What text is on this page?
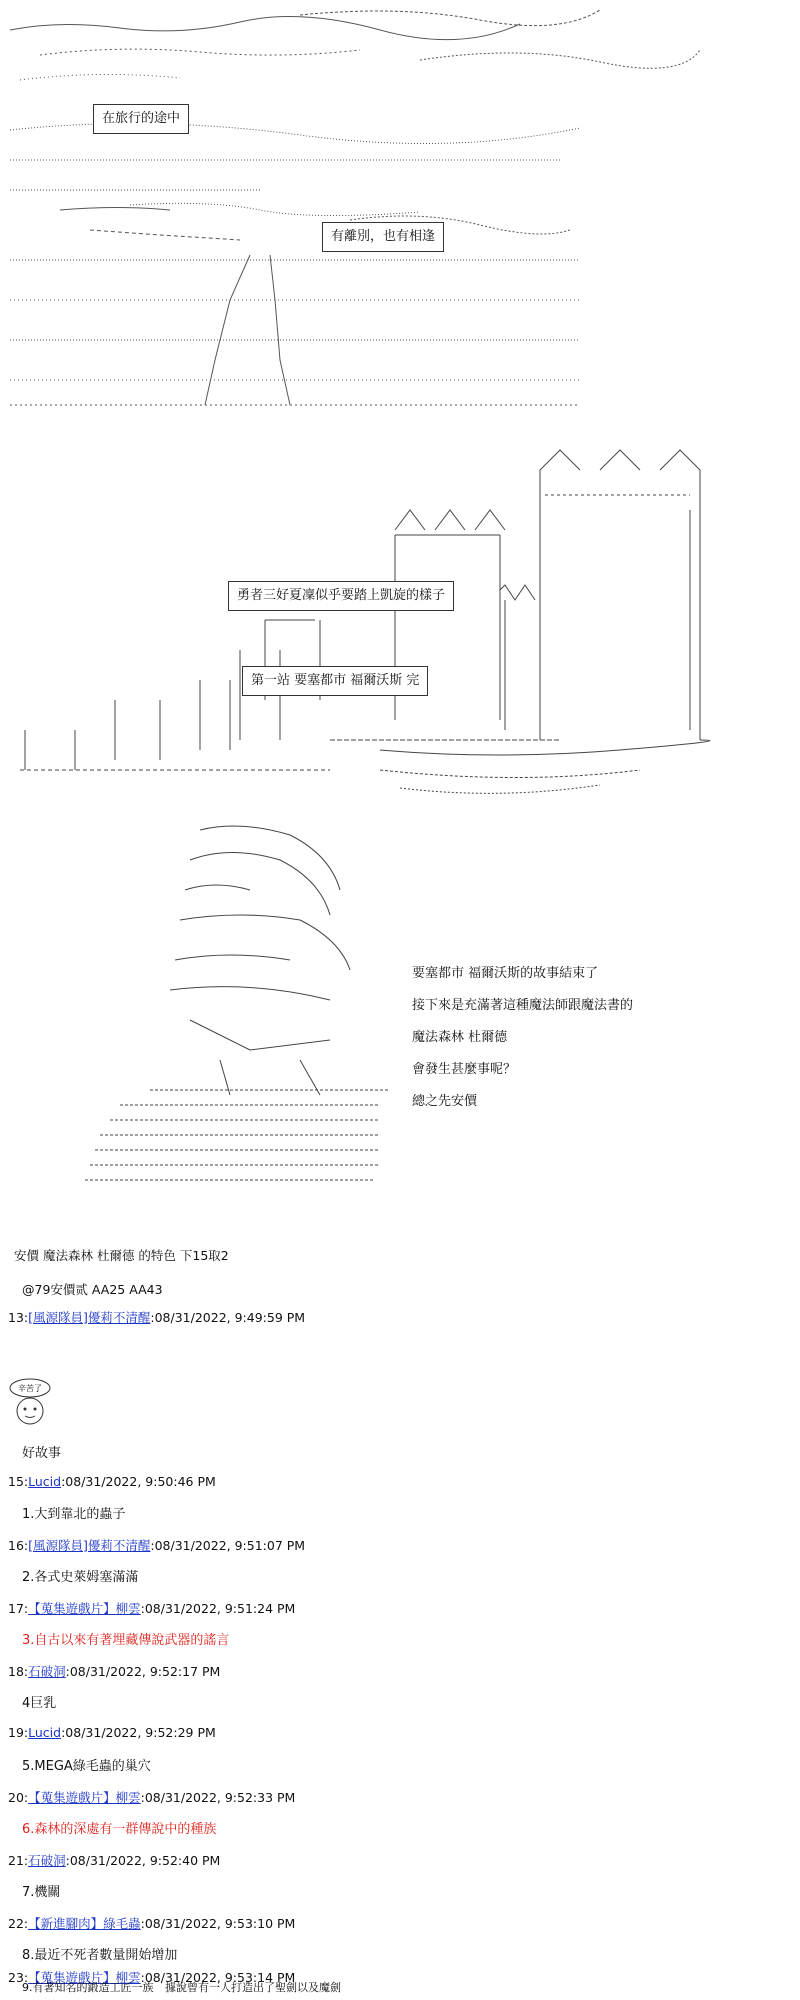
在旅行的途中
有離別，也有相逢
勇者三好夏凜似乎要踏上凱旋的樣子
第一站 要塞都市 福爾沃斯 完
要塞都市 福爾沃斯的故事結束了
接下來是充滿著這種魔法師跟魔法書的
魔法森林 杜爾德
會發生甚麼事呢？
總之先安價
安價 魔法森林 杜爾德 的特色 下15取2
@79安價贰 AA25 AA43
13:[風源隊員]優莉不清醒:08/31/2022, 9:49:59 PM
辛苦了
好故事
15:Lucid:08/31/2022, 9:50:46 PM
1.大到靠北的蟲子
16:[風源隊員]優莉不清醒:08/31/2022, 9:51:07 PM
2.各式史萊姆塞滿滿
17:【蒐集遊戲片】柳雲:08/31/2022, 9:51:24 PM
3.自古以來有著埋藏傳說武器的謠言
18:石破洞:08/31/2022, 9:52:17 PM
4巨乳
19:Lucid:08/31/2022, 9:52:29 PM
5.MEGA綠毛蟲的巢穴
20:【蒐集遊戲片】柳雲:08/31/2022, 9:52:33 PM
6.森林的深處有一群傳說中的種族
21:石破洞:08/31/2022, 9:52:40 PM
7.機關
22:【新進腳肉】綠毛蟲:08/31/2022, 9:53:10 PM
8.最近不死者數量開始增加
23:【蒐集遊戲片】柳雲:08/31/2022, 9:53:14 PM
9.有著知名的鍛造工匠一族 據說曾有一人打造出了聖劍以及魔劍
